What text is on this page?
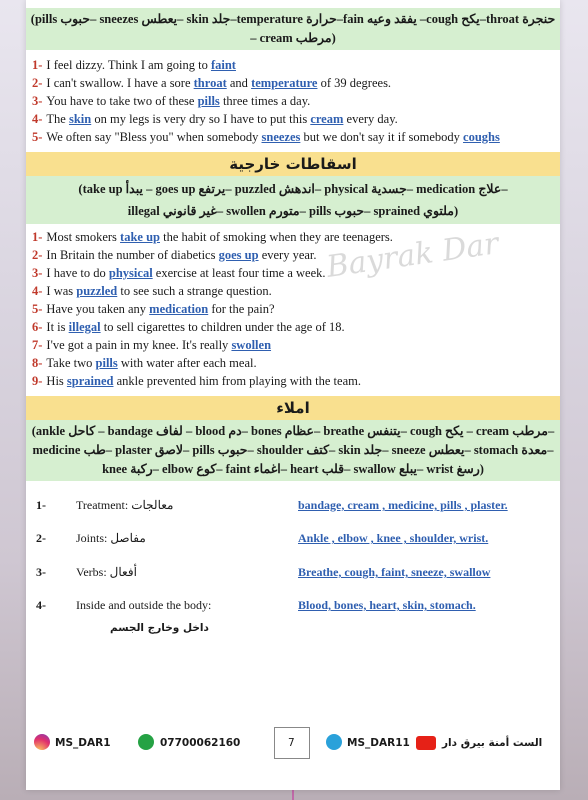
(pills حبوب– sneezes يعطس– skin جلد–temperature حرارة–fain يفقد وعيه –cough يكح–throat حنجرة
– cream مرطب)
1- I feel dizzy. Think I am going to faint
2- I can't swallow. I have a sore throat and temperature of 39 degrees.
3- You have to take two of these pills three times a day.
4- The skin on my legs is very dry so I have to put this cream every day.
5- We often say "Bless you" when somebody sneezes but we don't say it if somebody coughs
اسقاطات خارجية
(take up يبدأ – goes up يرتفع– puzzled اندهش– physical جسدية– medication علاج–
illegal غير قانوني– swollen متورم– pills حبوب– sprained ملتوي)
1- Most smokers take up the habit of smoking when they are teenagers.
2- In Britain the number of diabetics goes up every year.
3- I have to do physical exercise at least four time a week.
4- I was puzzled to see such a strange question.
5- Have you taken any medication for the pain?
6- It is illegal to sell cigarettes to children under the age of 18.
7- I've got a pain in my knee. It's really swollen
8- Take two pills with water after each meal.
9- His sprained ankle prevented him from playing with the team.
املاء
(ankle كاحل – bandage لفاف – blood دم– bones عظام– breathe يتنفس– cough يكح – cream مرطب–
medicine طب– plaster لاصق– pills حبوب– shoulder كتف– skin جلد– sneeze يعطس– stomach معدة–
knee ركبة– elbow كوع– faint اغماء– heart قلب– swallow يبلع– wrist رسغ)
1-	Treatment: معالجات	bandage, cream , medicine, pills , plaster.
2-	Joints: مفاصل	Ankle , elbow , knee , shoulder, wrist.
3-	Verbs: أفعال	Breathe, cough, faint, sneeze, swallow
4-	Inside and outside the body:	Blood, bones, heart, skin, stomach.
داخل وخارج الجسم
Bayrak Dar
MS_DAR1	07700062160	7	MS_DAR11	الست أمنة بيرق دار
